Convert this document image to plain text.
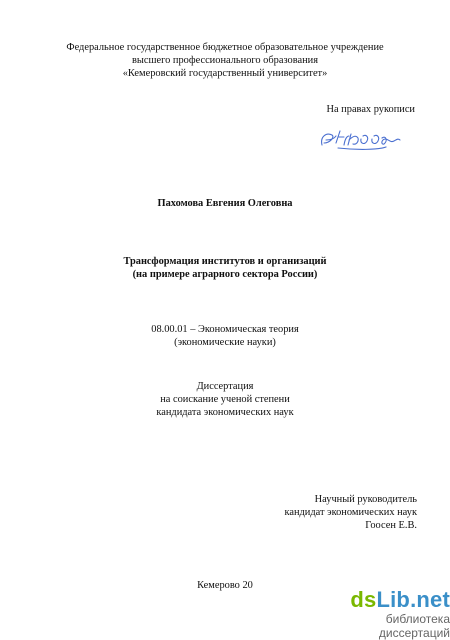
Федеральное государственное бюджетное образовательное учреждение
высшего профессионального образования
«Кемеровский государственный университет»
На правах рукописи
Пахомова Евгения Олеговна
Трансформация институтов и организаций
(на примере аграрного сектора России)
08.00.01 – Экономическая теория
(экономические науки)
Диссертация
на соискание ученой степени
кандидата экономических наук
Научный руководитель
кандидат экономических наук
Гоосен Е.В.
Кемерово 20
dsLib.net
библиотека диссертаций
